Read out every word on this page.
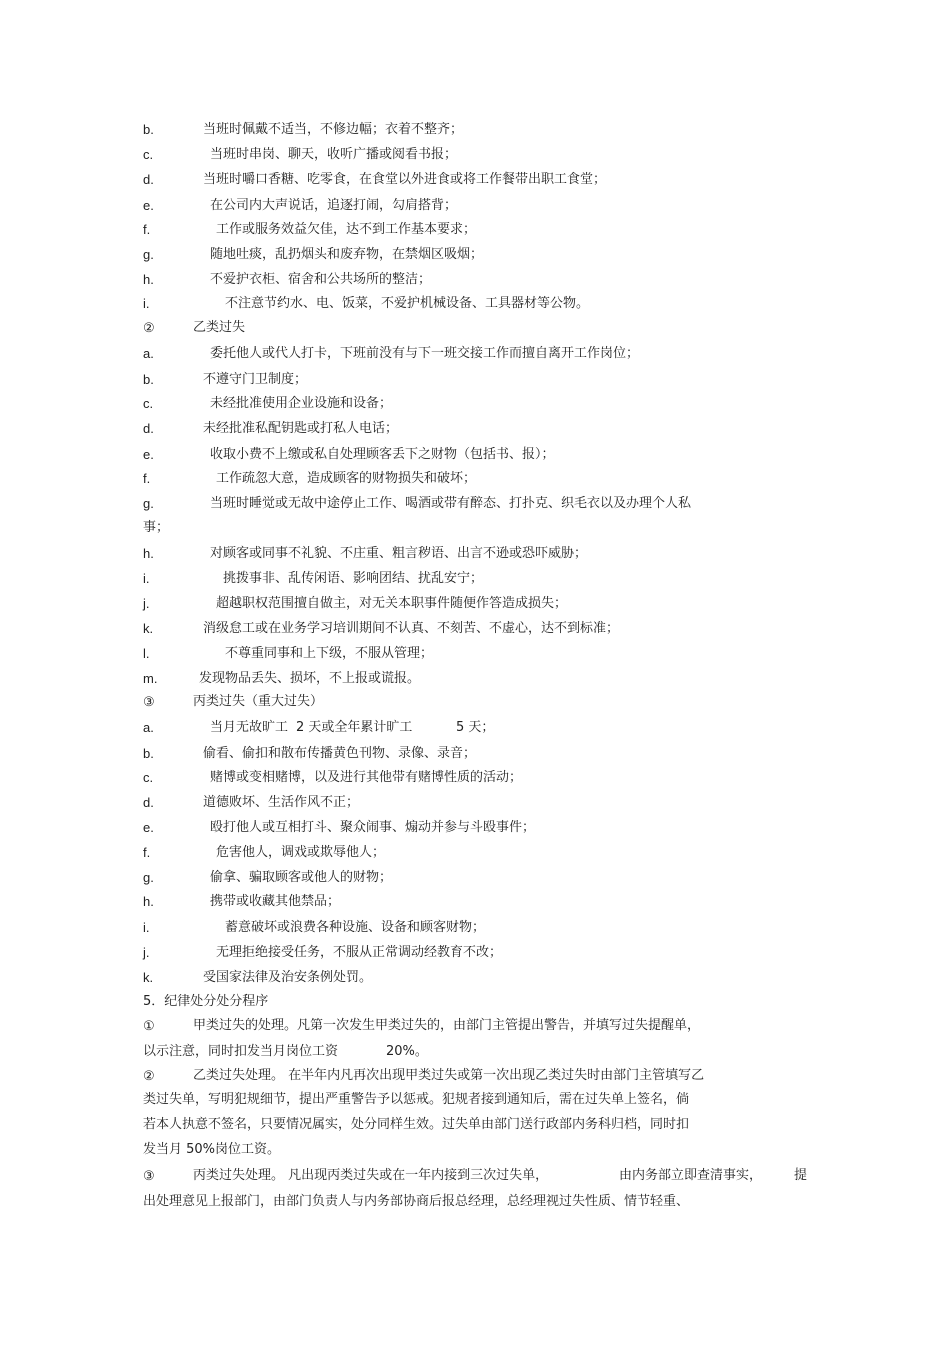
b.	当班时佩戴不适当，不修边幅；衣着不整齐；
c.	当班时串岗、聊天，收听广播或阅看书报；
d.	当班时嚼口香糖、吃零食，在食堂以外进食或将工作餐带出职工食堂；
e.	在公司内大声说话，追逐打闹，勾肩搭背；
f.	工作或服务效益欠佳，达不到工作基本要求；
g.	随地吐痰，乱扔烟头和废弃物，在禁烟区吸烟；
h.	不爱护衣柜、宿舍和公共场所的整洁；
i.	不注意节约水、电、饭菜，不爱护机械设备、工具器材等公物。
②	乙类过失
a.	委托他人或代人打卡，下班前没有与下一班交接工作而擅自离开工作岗位；
b.	不遵守门卫制度；
c.	未经批准使用企业设施和设备；
d.	未经批准私配钥匙或打私人电话；
e.	收取小费不上缴或私自处理顾客丢下之财物（包括书、报）；
f.	工作疏忽大意，造成顾客的财物损失和破坏；
g.	当班时睡觉或无故中途停止工作、喝酒或带有醉态、打扑克、织毛衣以及办理个人私
事；
h.	对顾客或同事不礼貌、不庄重、粗言秽语、出言不逊或恐吓威胁；
i.	挑拨事非、乱传闲语、影响团结、扰乱安宁；
j.	超越职权范围擅自做主，对无关本职事件随便作答造成损失；
k.	消级怠工或在业务学习培训期间不认真、不刻苦、不虚心，达不到标准；
l.	不尊重同事和上下级，不服从管理；
m.	发现物品丢失、损坏，不上报或谎报。
③	丙类过失（重大过失）
a.	当月无故旷工 2 天或全年累计旷工	5 天；
b.	偷看、偷扣和散布传播黄色刊物、录像、录音；
c.	赌博或变相赌博，以及进行其他带有赌博性质的活动；
d.	道德败坏、生活作风不正；
e.	殴打他人或互相打斗、聚众闹事、煽动并参与斗殴事件；
f.	危害他人，调戏或欺辱他人；
g.	偷拿、骗取顾客或他人的财物；
h.	携带或收藏其他禁品；
i.	蓄意破坏或浪费各种设施、设备和顾客财物；
j.	无理拒绝接受任务，不服从正常调动经教育不改；
k.	受国家法律及治安条例处罚。
5．纪律处分处分程序
①	甲类过失的处理。凡第一次发生甲类过失的，由部门主管提出警告，并填写过失提醒单，
以示注意，同时扣发当月岗位工资	20%。
②	乙类过失处理。 在半年内凡再次出现甲类过失或第一次出现乙类过失时由部门主管填写乙
类过失单，写明犯规细节，提出严重警告予以惩戒。犯规者接到通知后，需在过失单上签名，倘
若本人执意不签名，只要情况属实，处分同样生效。过失单由部门送行政部内务科归档，同时扣
发当月 50%岗位工资。
③	丙类过失处理。 凡出现丙类过失或在一年内接到三次过失单，	由内务部立即查清事实， 提
出处理意见上报部门，由部门负责人与内务部协商后报总经理，总经理视过失性质、情节轻重、
